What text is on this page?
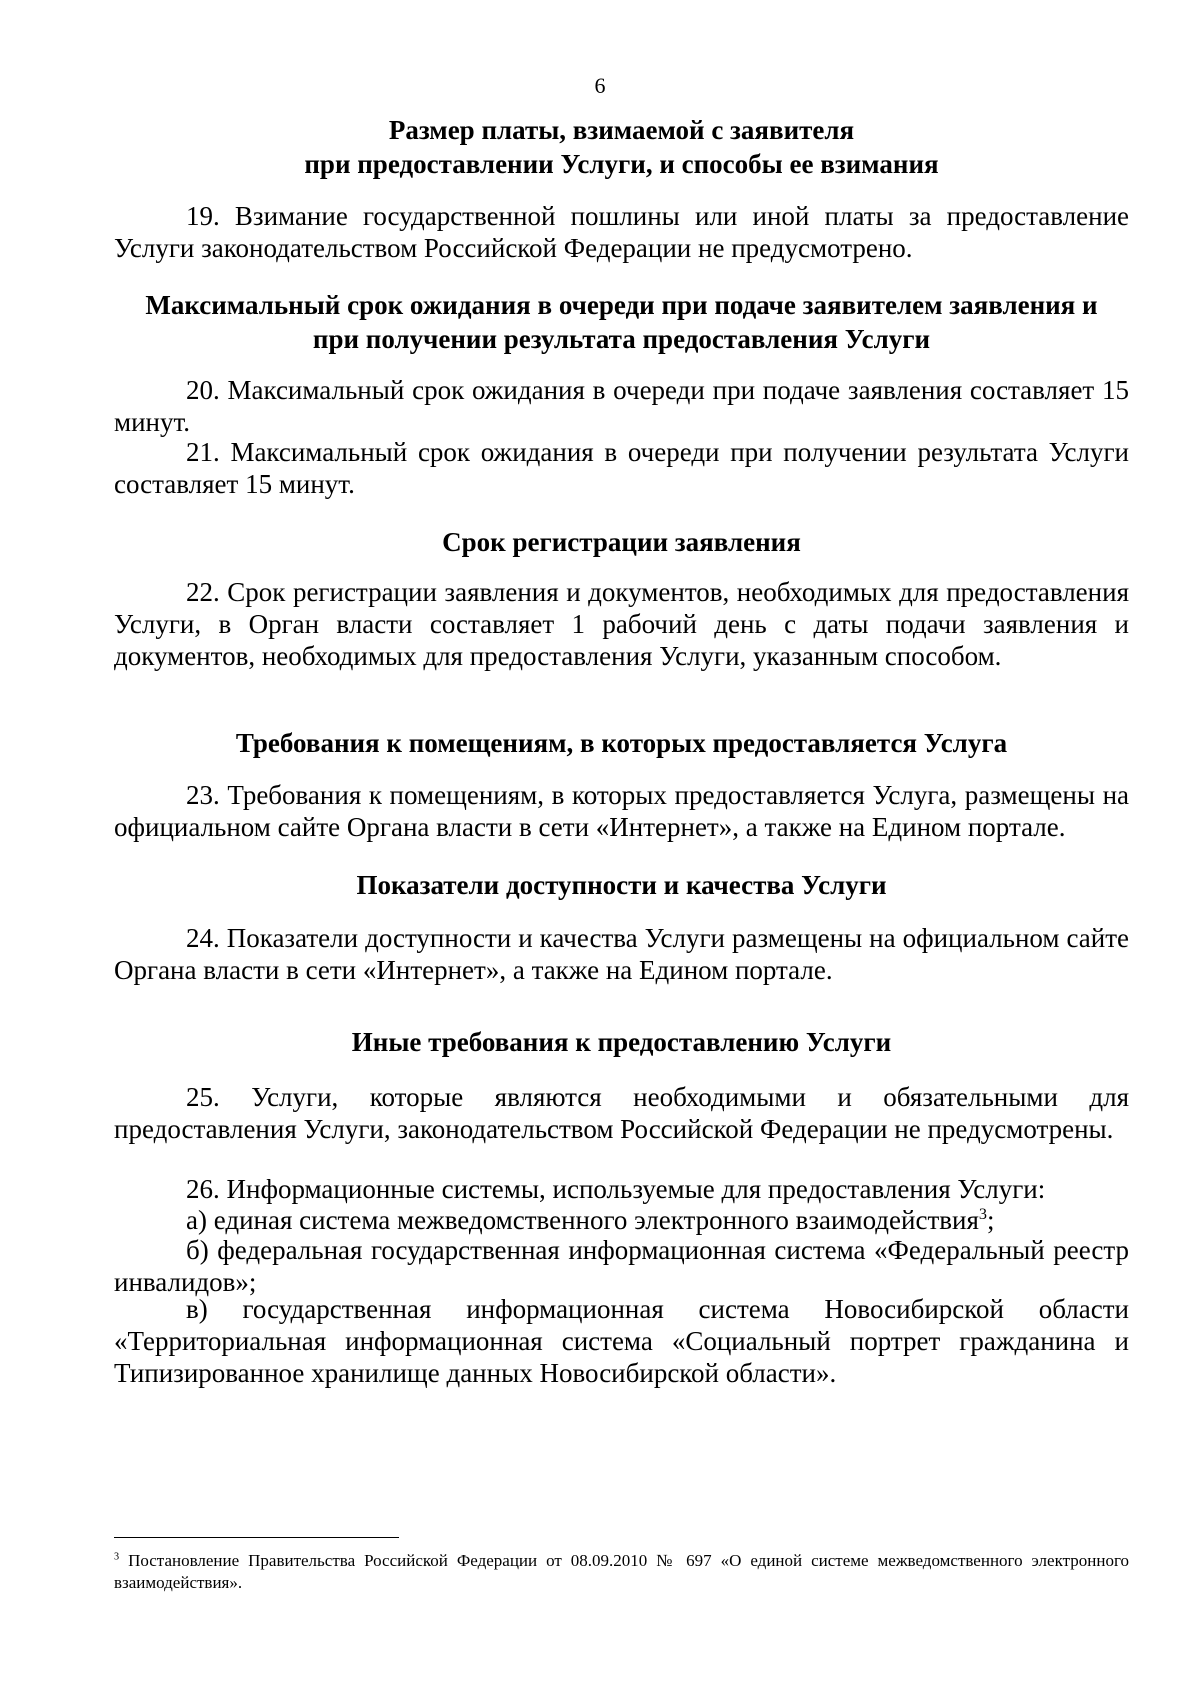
6
Размер платы, взимаемой с заявителя
при предоставлении Услуги, и способы ее взимания
19. Взимание государственной пошлины или иной платы за предоставление Услуги законодательством Российской Федерации не предусмотрено.
Максимальный срок ожидания в очереди при подаче заявителем заявления и
при получении результата предоставления Услуги
20. Максимальный срок ожидания в очереди при подаче заявления составляет 15 минут.
21. Максимальный срок ожидания в очереди при получении результата Услуги составляет 15 минут.
Срок регистрации заявления
22. Срок регистрации заявления и документов, необходимых для предоставления Услуги, в Орган власти составляет 1 рабочий день с даты подачи заявления и документов, необходимых для предоставления Услуги, указанным способом.
Требования к помещениям, в которых предоставляется Услуга
23. Требования к помещениям, в которых предоставляется Услуга, размещены на официальном сайте Органа власти в сети «Интернет», а также на Едином портале.
Показатели доступности и качества Услуги
24. Показатели доступности и качества Услуги размещены на официальном сайте Органа власти в сети «Интернет», а также на Едином портале.
Иные требования к предоставлению Услуги
25. Услуги, которые являются необходимыми и обязательными для предоставления Услуги, законодательством Российской Федерации не предусмотрены.
26. Информационные системы, используемые для предоставления Услуги:
а) единая система межведомственного электронного взаимодействия$^3$;
б) федеральная государственная информационная система «Федеральный реестр инвалидов»;
в) государственная информационная система Новосибирской области «Территориальная информационная система «Социальный портрет гражданина и Типизированное хранилище данных Новосибирской области».
$^3$ Постановление Правительства Российской Федерации от 08.09.2010 № 697 «О единой системе межведомственного электронного взаимодействия».
